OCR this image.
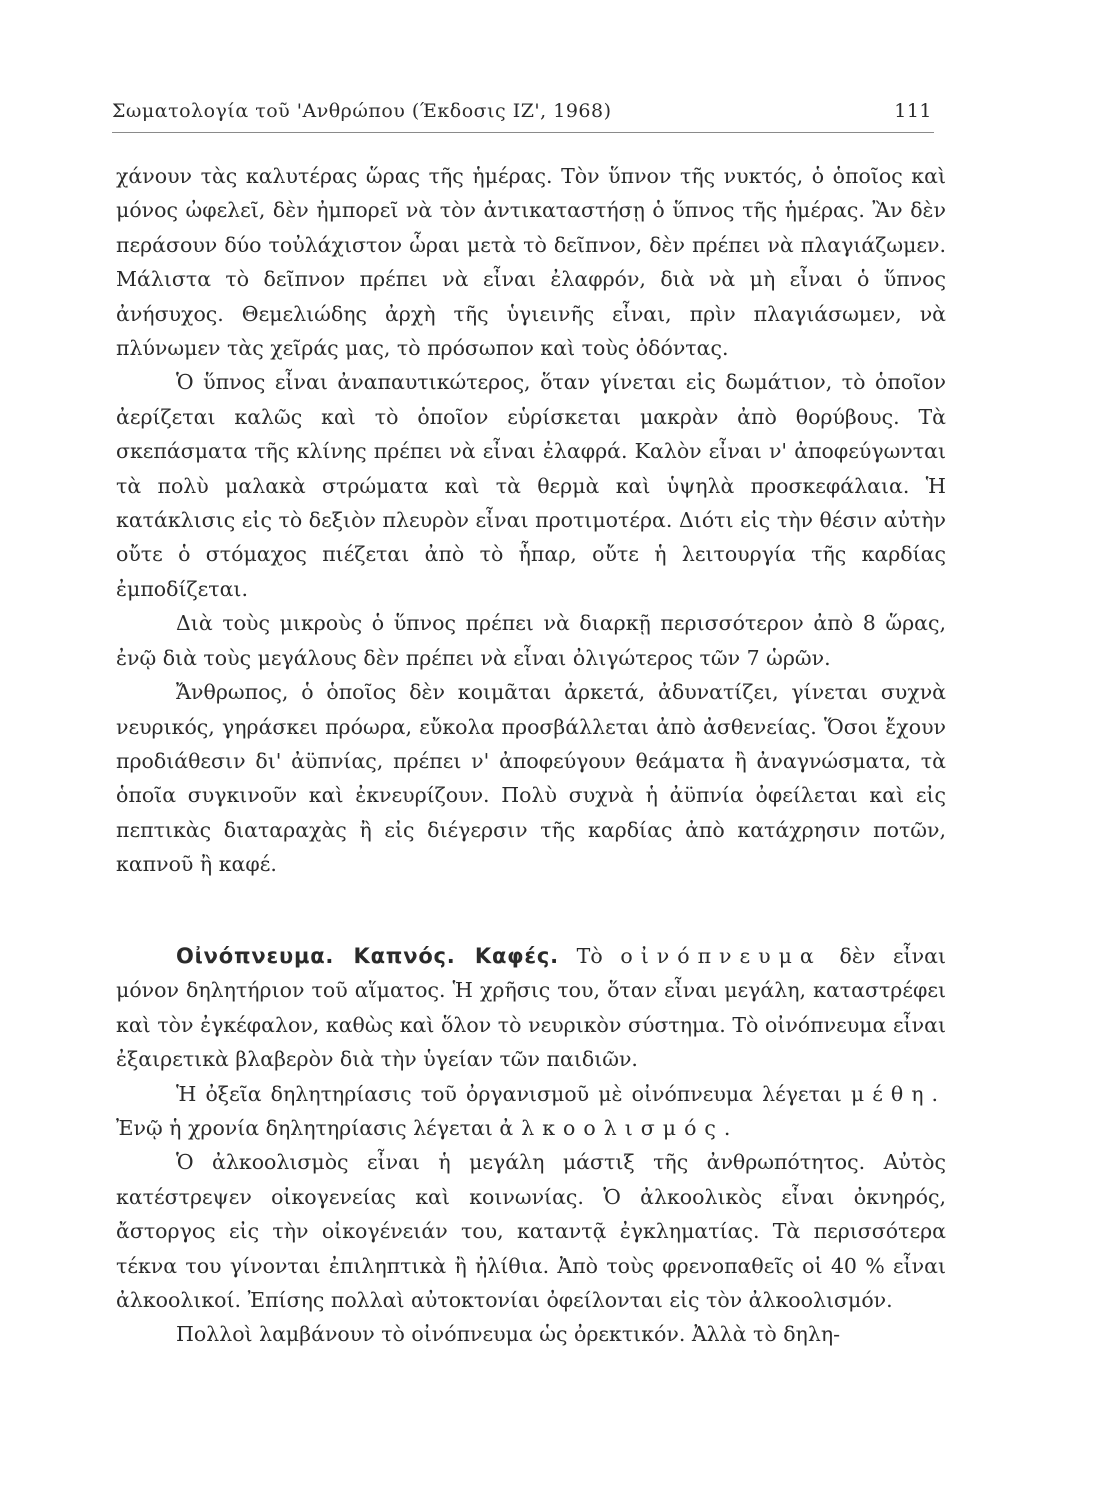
Σωματολογία τοῦ 'Ανθρώπου (Έκδοσις ΙΖ', 1968)	111

χάνουν τὰς καλυτέρας ὥρας τῆς ἡμέρας. Τὸν ὕπνον τῆς νυκτός, ὁ ὁποῖος καὶ μόνος ὠφελεῖ, δὲν ἠμπορεῖ νὰ τὸν ἀντικαταστήσῃ ὁ ὕπνος τῆς ἡμέρας. Ἂν δὲν περάσουν δύο τοὐλάχιστον ὧραι μετὰ τὸ δεῖπνον, δὲν πρέπει νὰ πλαγιάζωμεν. Μάλιστα τὸ δεῖπνον πρέπει νὰ εἶναι ἐλαφρόν, διὰ νὰ μὴ εἶναι ὁ ὕπνος ἀνήσυχος. Θεμελιώδης ἀρχὴ τῆς ὑγιεινῆς εἶναι, πρὶν πλαγιάσωμεν, νὰ πλύνωμεν τὰς χεῖράς μας, τὸ πρόσωπον καὶ τοὺς ὀδόντας.

Ὁ ὕπνος εἶναι ἀναπαυτικώτερος, ὅταν γίνεται εἰς δωμάτιον, τὸ ὁποῖον ἀερίζεται καλῶς καὶ τὸ ὁποῖον εὑρίσκεται μακρὰν ἀπὸ θορύβους. Τὰ σκεπάσματα τῆς κλίνης πρέπει νὰ εἶναι ἐλαφρά. Καλὸν εἶναι ν' ἀποφεύγωνται τὰ πολὺ μαλακὰ στρώματα καὶ τὰ θερμὰ καὶ ὑψηλὰ προσκεφάλαια. Ἡ κατάκλισις εἰς τὸ δεξιὸν πλευρὸν εἶναι προτιμοτέρα. Διότι εἰς τὴν θέσιν αὐτὴν οὔτε ὁ στόμαχος πιέζεται ἀπὸ τὸ ἧπαρ, οὔτε ἡ λειτουργία τῆς καρδίας ἐμποδίζεται.

Διὰ τοὺς μικροὺς ὁ ὕπνος πρέπει νὰ διαρκῇ περισσότερον ἀπὸ 8 ὥρας, ἐνῷ διὰ τοὺς μεγάλους δὲν πρέπει νὰ εἶναι ὀλιγώτερος τῶν 7 ὡρῶν.

Ἄνθρωπος, ὁ ὁποῖος δὲν κοιμᾶται ἀρκετά, ἀδυνατίζει, γίνεται συχνὰ νευρικός, γηράσκει πρόωρα, εὔκολα προσβάλλεται ἀπὸ ἀσθενείας. Ὅσοι ἔχουν προδιάθεσιν δι' ἀϋπνίας, πρέπει ν' ἀποφεύγουν θεάματα ἢ ἀναγνώσματα, τὰ ὁποῖα συγκινοῦν καὶ ἐκνευρίζουν. Πολὺ συχνὰ ἡ ἀϋπνία ὀφείλεται καὶ εἰς πεπτικὰς διαταραχὰς ἢ εἰς διέγερσιν τῆς καρδίας ἀπὸ κατάχρησιν ποτῶν, καπνοῦ ἢ καφέ.

Οἰνόπνευμα. Καπνός. Καφές. Τὸ οἰνόπνευμα δὲν εἶναι μόνον δηλητήριον τοῦ αἵματος. Ἡ χρῆσις του, ὅταν εἶναι μεγάλη, καταστρέφει καὶ τὸν ἐγκέφαλον, καθὼς καὶ ὅλον τὸ νευρικὸν σύστημα. Τὸ οἰνόπνευμα εἶναι ἐξαιρετικὰ βλαβερὸν διὰ τὴν ὑγείαν τῶν παιδιῶν.

Ἡ ὀξεῖα δηλητηρίασις τοῦ ὀργανισμοῦ μὲ οἰνόπνευμα λέγεται μέθη. Ἐνῷ ἡ χρονία δηλητηρίασις λέγεται ἀλκοολισμός.

Ὁ ἀλκοολισμὸς εἶναι ἡ μεγάλη μάστιξ τῆς ἀνθρωπότητος. Αὐτὸς κατέστρεψεν οἰκογενείας καὶ κοινωνίας. Ὁ ἀλκοολικὸς εἶναι ὀκνηρός, ἄστοργος εἰς τὴν οἰκογένειάν του, καταντᾷ ἐγκληματίας. Τὰ περισσότερα τέκνα του γίνονται ἐπιληπτικὰ ἢ ἠλίθια. Ἀπὸ τοὺς φρενοπαθεῖς οἱ 40 % εἶναι ἀλκοολικοί. Ἐπίσης πολλαὶ αὐτοκτονίαι ὀφείλονται εἰς τὸν ἀλκοολισμόν.

Πολλοὶ λαμβάνουν τὸ οἰνόπνευμα ὡς ὀρεκτικόν. Ἀλλὰ τὸ δηλη-
